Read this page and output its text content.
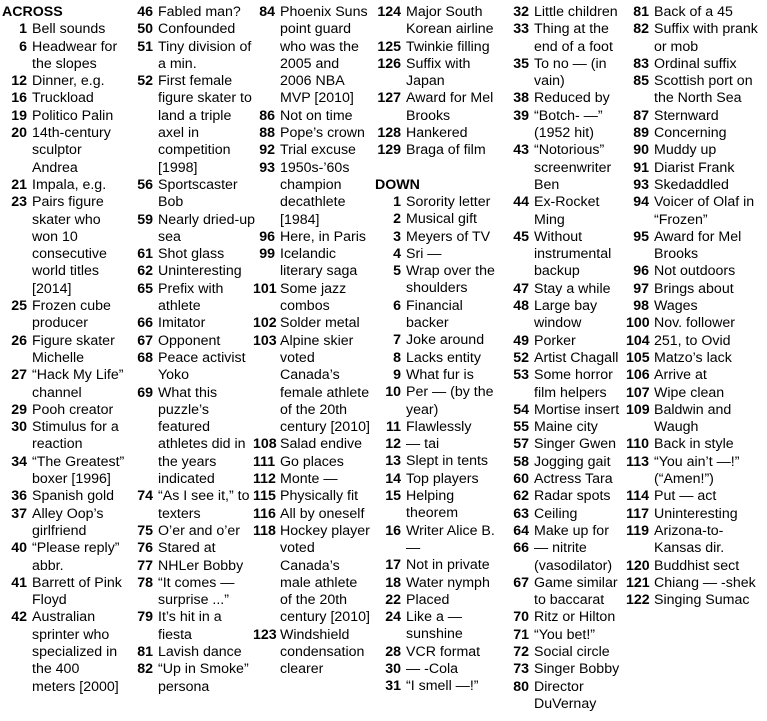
ACROSS
1 Bell sounds
6 Headwear for the slopes
12 Dinner, e.g.
16 Truckload
19 Politico Palin
20 14th-century sculptor Andrea
21 Impala, e.g.
23 Pairs figure skater who won 10 consecutive world titles [2014]
25 Frozen cube producer
26 Figure skater Michelle
27 “Hack My Life” channel
29 Pooh creator
30 Stimulus for a reaction
34 “The Greatest” boxer [1996]
36 Spanish gold
37 Alley Oop’s girlfriend
40 “Please reply” abbr.
41 Barrett of Pink Floyd
42 Australian sprinter who specialized in the 400 meters [2000]
46 Fabled man?
50 Confounded
51 Tiny division of a min.
52 First female figure skater to land a triple axel in competition [1998]
56 Sportscaster Bob
59 Nearly dried-up sea
61 Shot glass
62 Uninteresting
65 Prefix with athlete
66 Imitator
67 Opponent
68 Peace activist Yoko
69 What this puzzle’s featured athletes did in the years indicated
74 “As I see it,” to texters
75 O’er and o’er
76 Stared at
77 NHLer Bobby
78 “It comes — surprise ...”
79 It’s hit in a fiesta
81 Lavish dance
82 “Up in Smoke” persona
84 Phoenix Suns point guard who was the 2005 and 2006 NBA MVP [2010]
86 Not on time
88 Pope’s crown
92 Trial excuse
93 1950s-’60s champion decathlete [1984]
96 Here, in Paris
99 Icelandic literary saga
101 Some jazz combos
102 Solder metal
103 Alpine skier voted Canada’s female athlete of the 20th century [2010]
108 Salad endive
111 Go places
112 Monte —
115 Physically fit
116 All by oneself
118 Hockey player voted Canada’s male athlete of the 20th century [2010]
123 Windshield condensation clearer
124 Major South Korean airline
125 Twinkie filling
126 Suffix with Japan
127 Award for Mel Brooks
128 Hankered
129 Braga of film
DOWN
1 Sorority letter
2 Musical gift
3 Meyers of TV
4 Sri —
5 Wrap over the shoulders
6 Financial backer
7 Joke around
8 Lacks entity
9 What fur is
10 Per — (by the year)
11 Flawlessly
12 — tai
13 Slept in tents
14 Top players
15 Helping theorem
16 Writer Alice B. —
17 Not in private
18 Water nymph
22 Placed
24 Like a — sunshine
28 VCR format
30 — -Cola
31 “I smell —!”
32 Little children
33 Thing at the end of a foot
35 To no — (in vain)
38 Reduced by
39 “Botch- —” (1952 hit)
43 “Notorious” screenwriter Ben
44 Ex-Rocket Ming
45 Without instrumental backup
47 Stay a while
48 Large bay window
49 Porker
52 Artist Chagall
53 Some horror film helpers
54 Mortise insert
55 Maine city
57 Singer Gwen
58 Jogging gait
60 Actress Tara
62 Radar spots
63 Ceiling
64 Make up for
66 — nitrite (vasodilator)
67 Game similar to baccarat
70 Ritz or Hilton
71 “You bet!”
72 Social circle
73 Singer Bobby
80 Director DuVernay
81 Back of a 45
82 Suffix with prank or mob
83 Ordinal suffix
85 Scottish port on the North Sea
87 Sternward
89 Concerning
90 Muddy up
91 Diarist Frank
93 Skedaddled
94 Voicer of Olaf in “Frozen”
95 Award for Mel Brooks
96 Not outdoors
97 Brings about
98 Wages
100 Nov. follower
104 251, to Ovid
105 Matzo’s lack
106 Arrive at
107 Wipe clean
109 Baldwin and Waugh
110 Back in style
113 “You ain’t —!” (“Amen!”)
114 Put — act
117 Uninteresting
119 Arizona-to-Kansas dir.
120 Buddhist sect
121 Chiang — -shek
122 Singing Sumac
